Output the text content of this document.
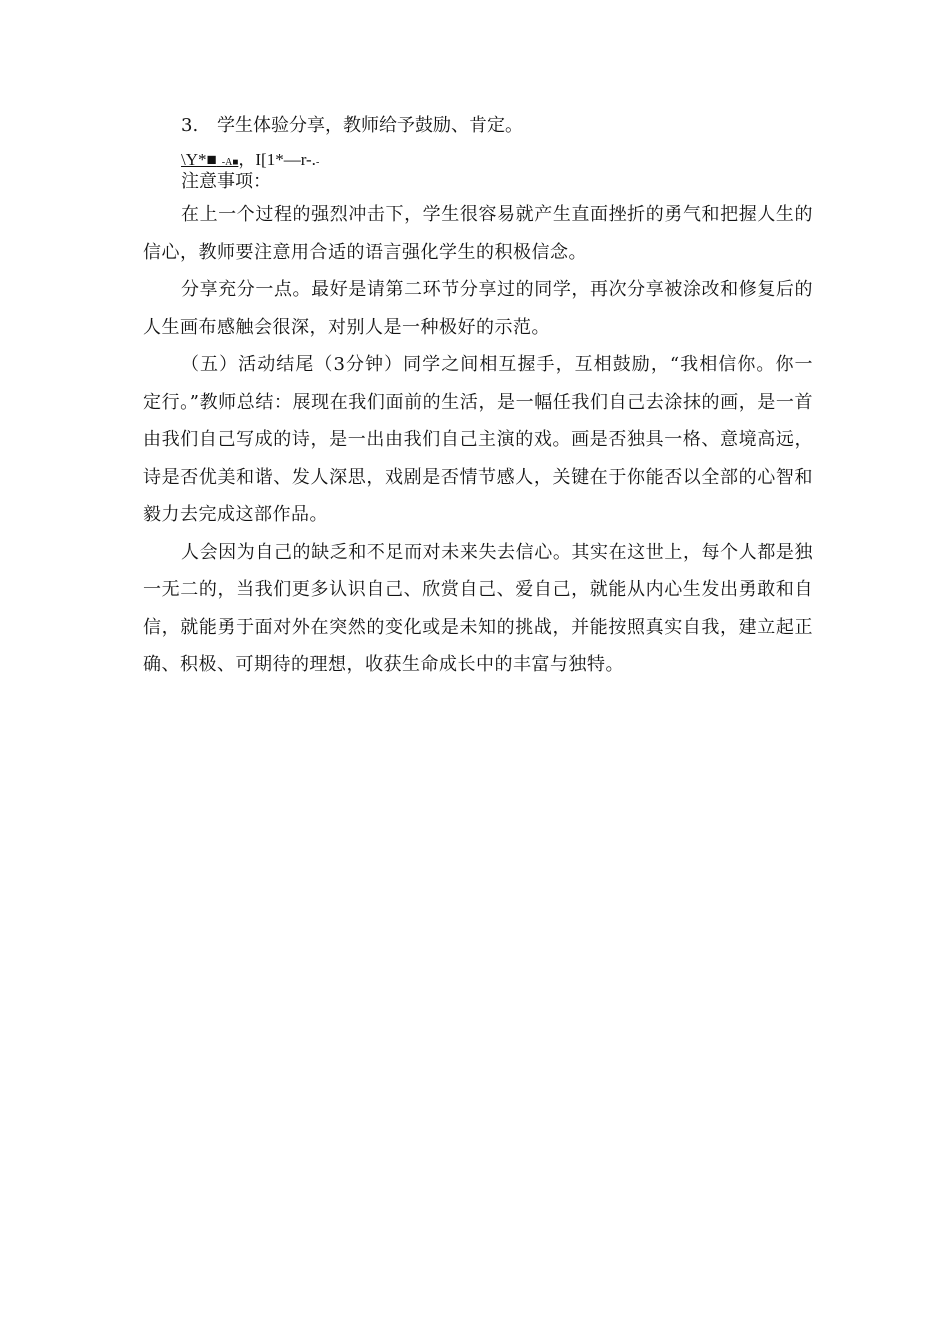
3. 学生体验分享，教师给予鼓励、肯定。
\Y*■_-A■，I[1*—r-.-
注意事项：

在上一个过程的强烈冲击下，学生很容易就产生直面挫折的勇气和把握人生的信心，教师要注意用合适的语言强化学生的积极信念。

分享充分一点。最好是请第二环节分享过的同学，再次分享被涂改和修复后的人生画布感触会很深，对别人是一种极好的示范。

（五）活动结尾（3分钟）同学之间相互握手，互相鼓励，“我相信你。你一定行。”教师总结：展现在我们面前的生活，是一幅任我们自己去涂抹的画，是一首由我们自己写成的诗，是一出由我们自己主演的戏。画是否独具一格、意境高远，诗是否优美和谐、发人深思，戏剧是否情节感人，关键在于你能否以全部的心智和毅力去完成这部作品。

人会因为自己的缺乏和不足而对未来失去信心。其实在这世上，每个人都是独一无二的，当我们更多认识自己、欣赏自己、爱自己，就能从内心生发出勇敢和自信，就能勇于面对外在突然的变化或是未知的挑战，并能按照真实自我，建立起正确、积极、可期待的理想，收获生命成长中的丰富与独特。
